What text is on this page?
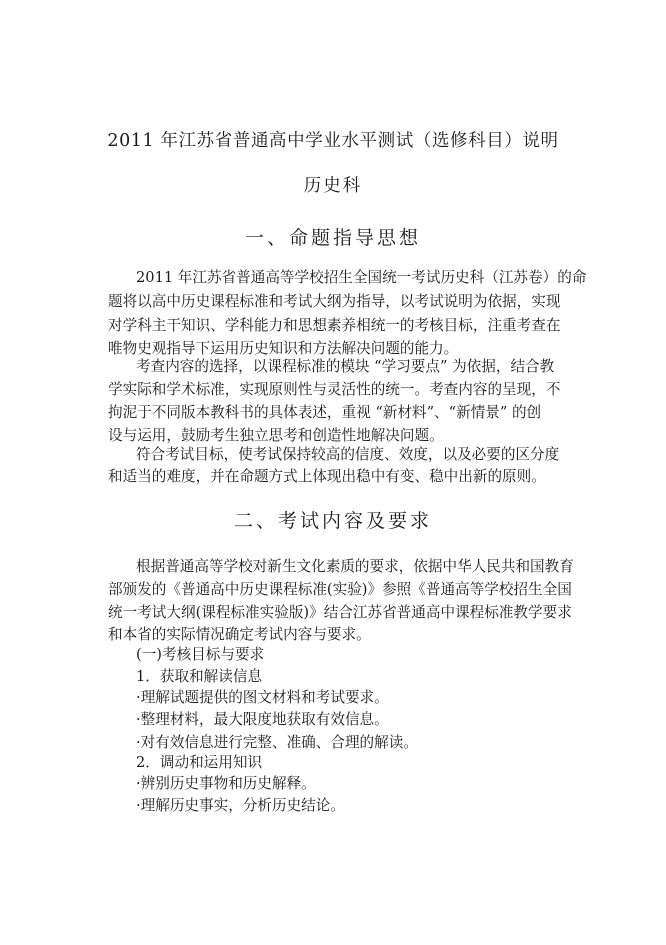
2011 年江苏省普通高中学业水平测试（选修科目）说明
历史科
一、命题指导思想
2011 年江苏省普通高等学校招生全国统一考试历史科（江苏卷）的命
题将以高中历史课程标准和考试大纲为指导，以考试说明为依据，实现
对学科主干知识、学科能力和思想素养相统一的考核目标，注重考查在
唯物史观指导下运用历史知识和方法解决问题的能力。
考查内容的选择，以课程标准的模块 “学习要点” 为依据，结合教
学实际和学术标准，实现原则性与灵活性的统一。考查内容的呈现，不
拘泥于不同版本教科书的具体表述，重视 “新材料”、“新情景” 的创
设与运用，鼓励考生独立思考和创造性地解决问题。
符合考试目标，使考试保持较高的信度、效度，以及必要的区分度
和适当的难度，并在命题方式上体现出稳中有变、稳中出新的原则。
二、考试内容及要求
根据普通高等学校对新生文化素质的要求，依据中华人民共和国教育
部颁发的《普通高中历史课程标准(实验)》参照《普通高等学校招生全国
统一考试大纲(课程标准实验版)》结合江苏省普通高中课程标准教学要求
和本省的实际情况确定考试内容与要求。
(一)考核目标与要求
1．获取和解读信息
·理解试题提供的图文材料和考试要求。
·整理材料，最大限度地获取有效信息。
·对有效信息进行完整、准确、合理的解读。
2．调动和运用知识
·辨别历史事物和历史解释。
·理解历史事实，分析历史结论。
